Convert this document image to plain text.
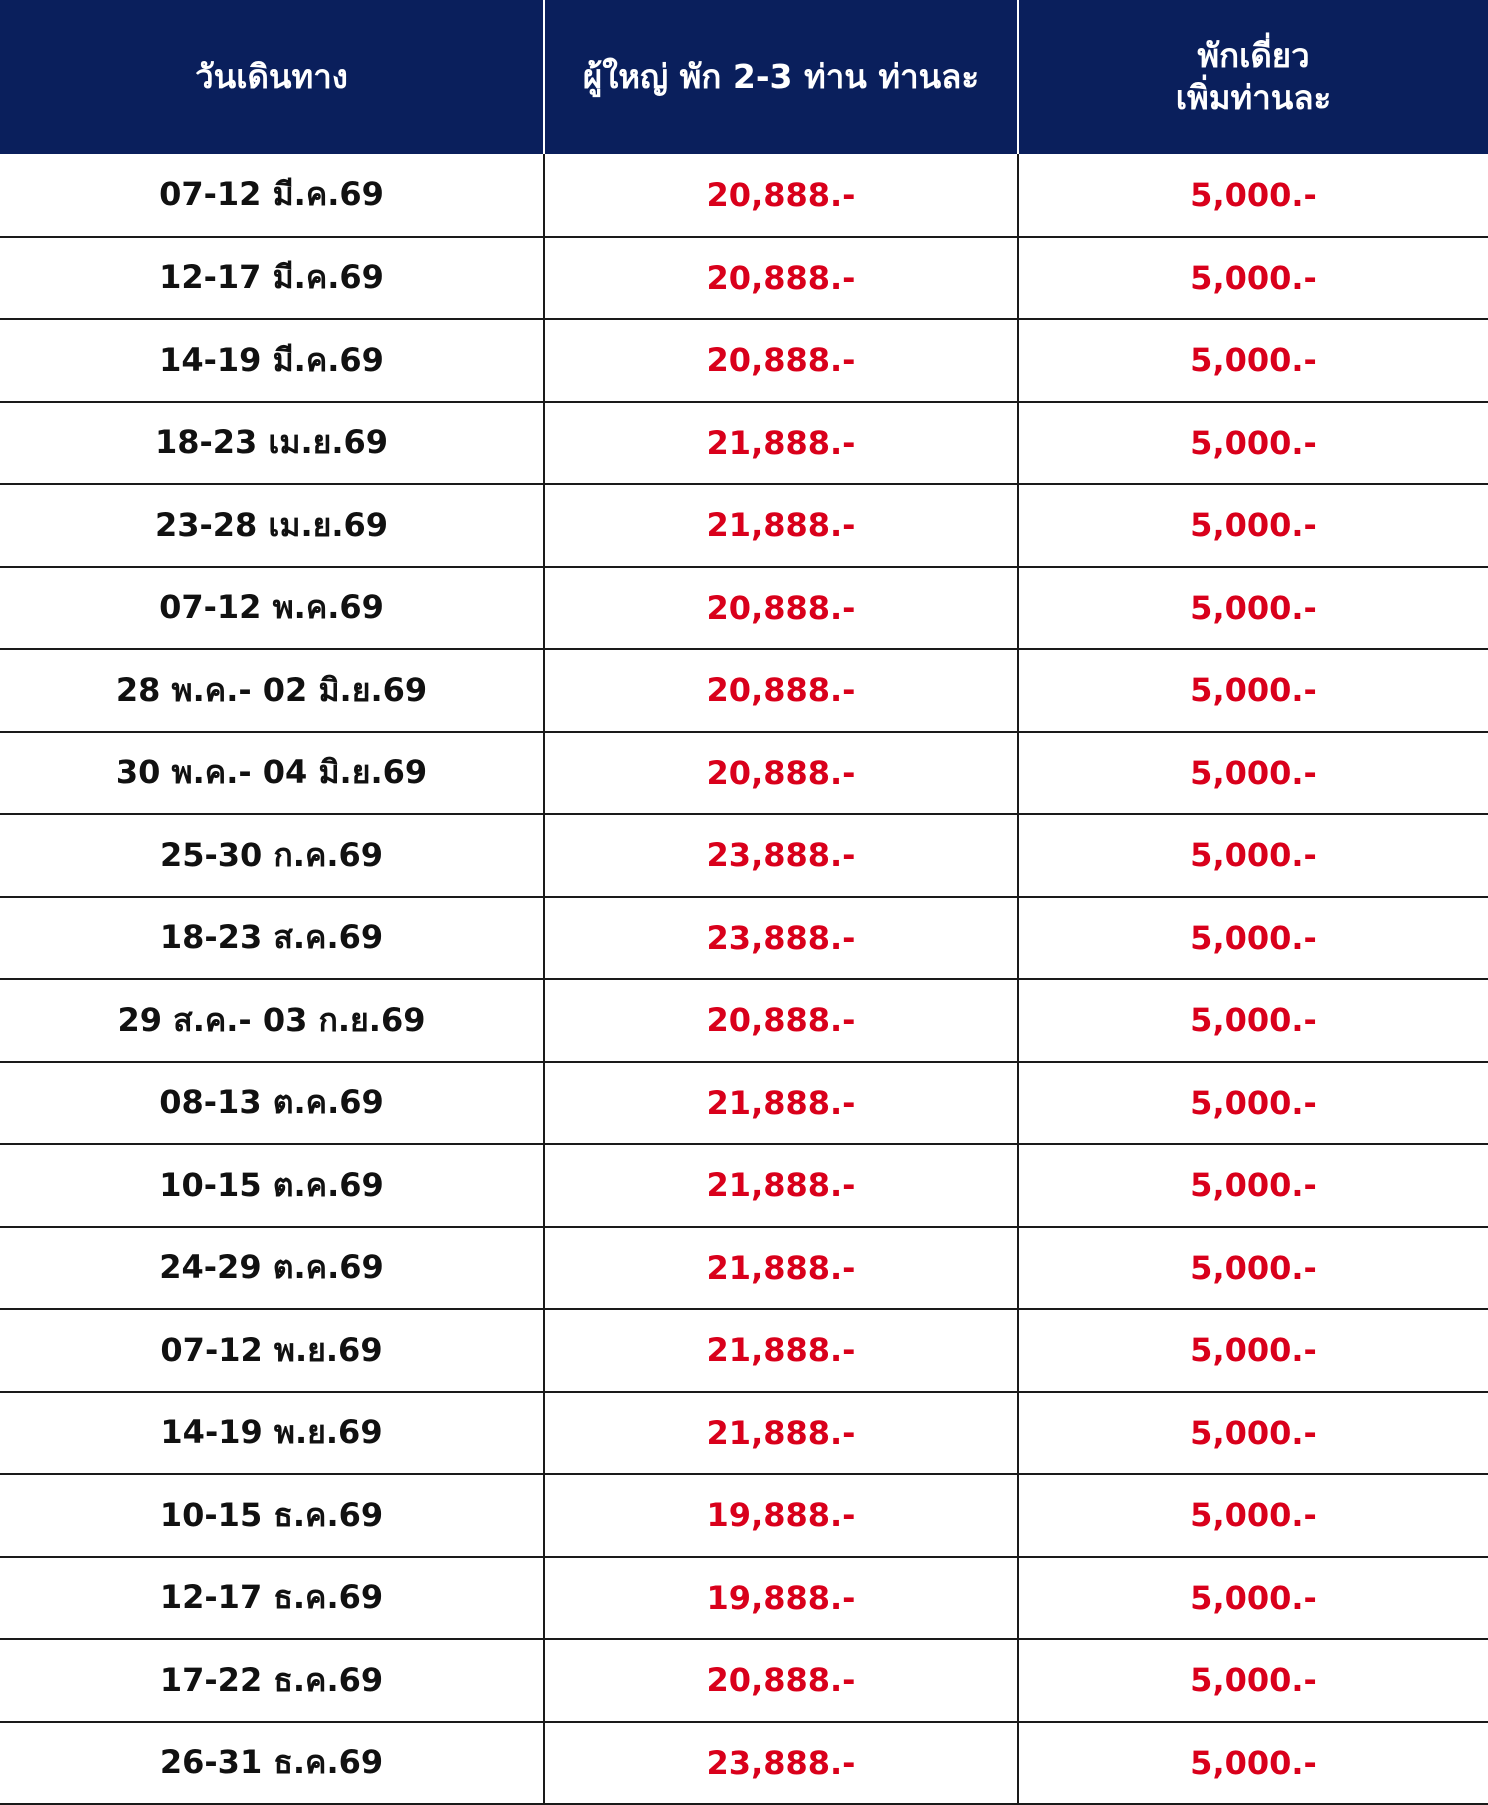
วันเดินทาง	ผู้ใหญ่ พัก 2-3 ท่าน ท่านละ	พักเดี่ยว
เพิ่มท่านละ

07-12 มี.ค.69	20,888.-	5,000.-
12-17 มี.ค.69	20,888.-	5,000.-
14-19 มี.ค.69	20,888.-	5,000.-
18-23 เม.ย.69	21,888.-	5,000.-
23-28 เม.ย.69	21,888.-	5,000.-
07-12 พ.ค.69	20,888.-	5,000.-
28 พ.ค.- 02 มิ.ย.69	20,888.-	5,000.-
30 พ.ค.- 04 มิ.ย.69	20,888.-	5,000.-
25-30 ก.ค.69	23,888.-	5,000.-
18-23 ส.ค.69	23,888.-	5,000.-
29 ส.ค.- 03 ก.ย.69	20,888.-	5,000.-
08-13 ต.ค.69	21,888.-	5,000.-
10-15 ต.ค.69	21,888.-	5,000.-
24-29 ต.ค.69	21,888.-	5,000.-
07-12 พ.ย.69	21,888.-	5,000.-
14-19 พ.ย.69	21,888.-	5,000.-
10-15 ธ.ค.69	19,888.-	5,000.-
12-17 ธ.ค.69	19,888.-	5,000.-
17-22 ธ.ค.69	20,888.-	5,000.-
26-31 ธ.ค.69	23,888.-	5,000.-
